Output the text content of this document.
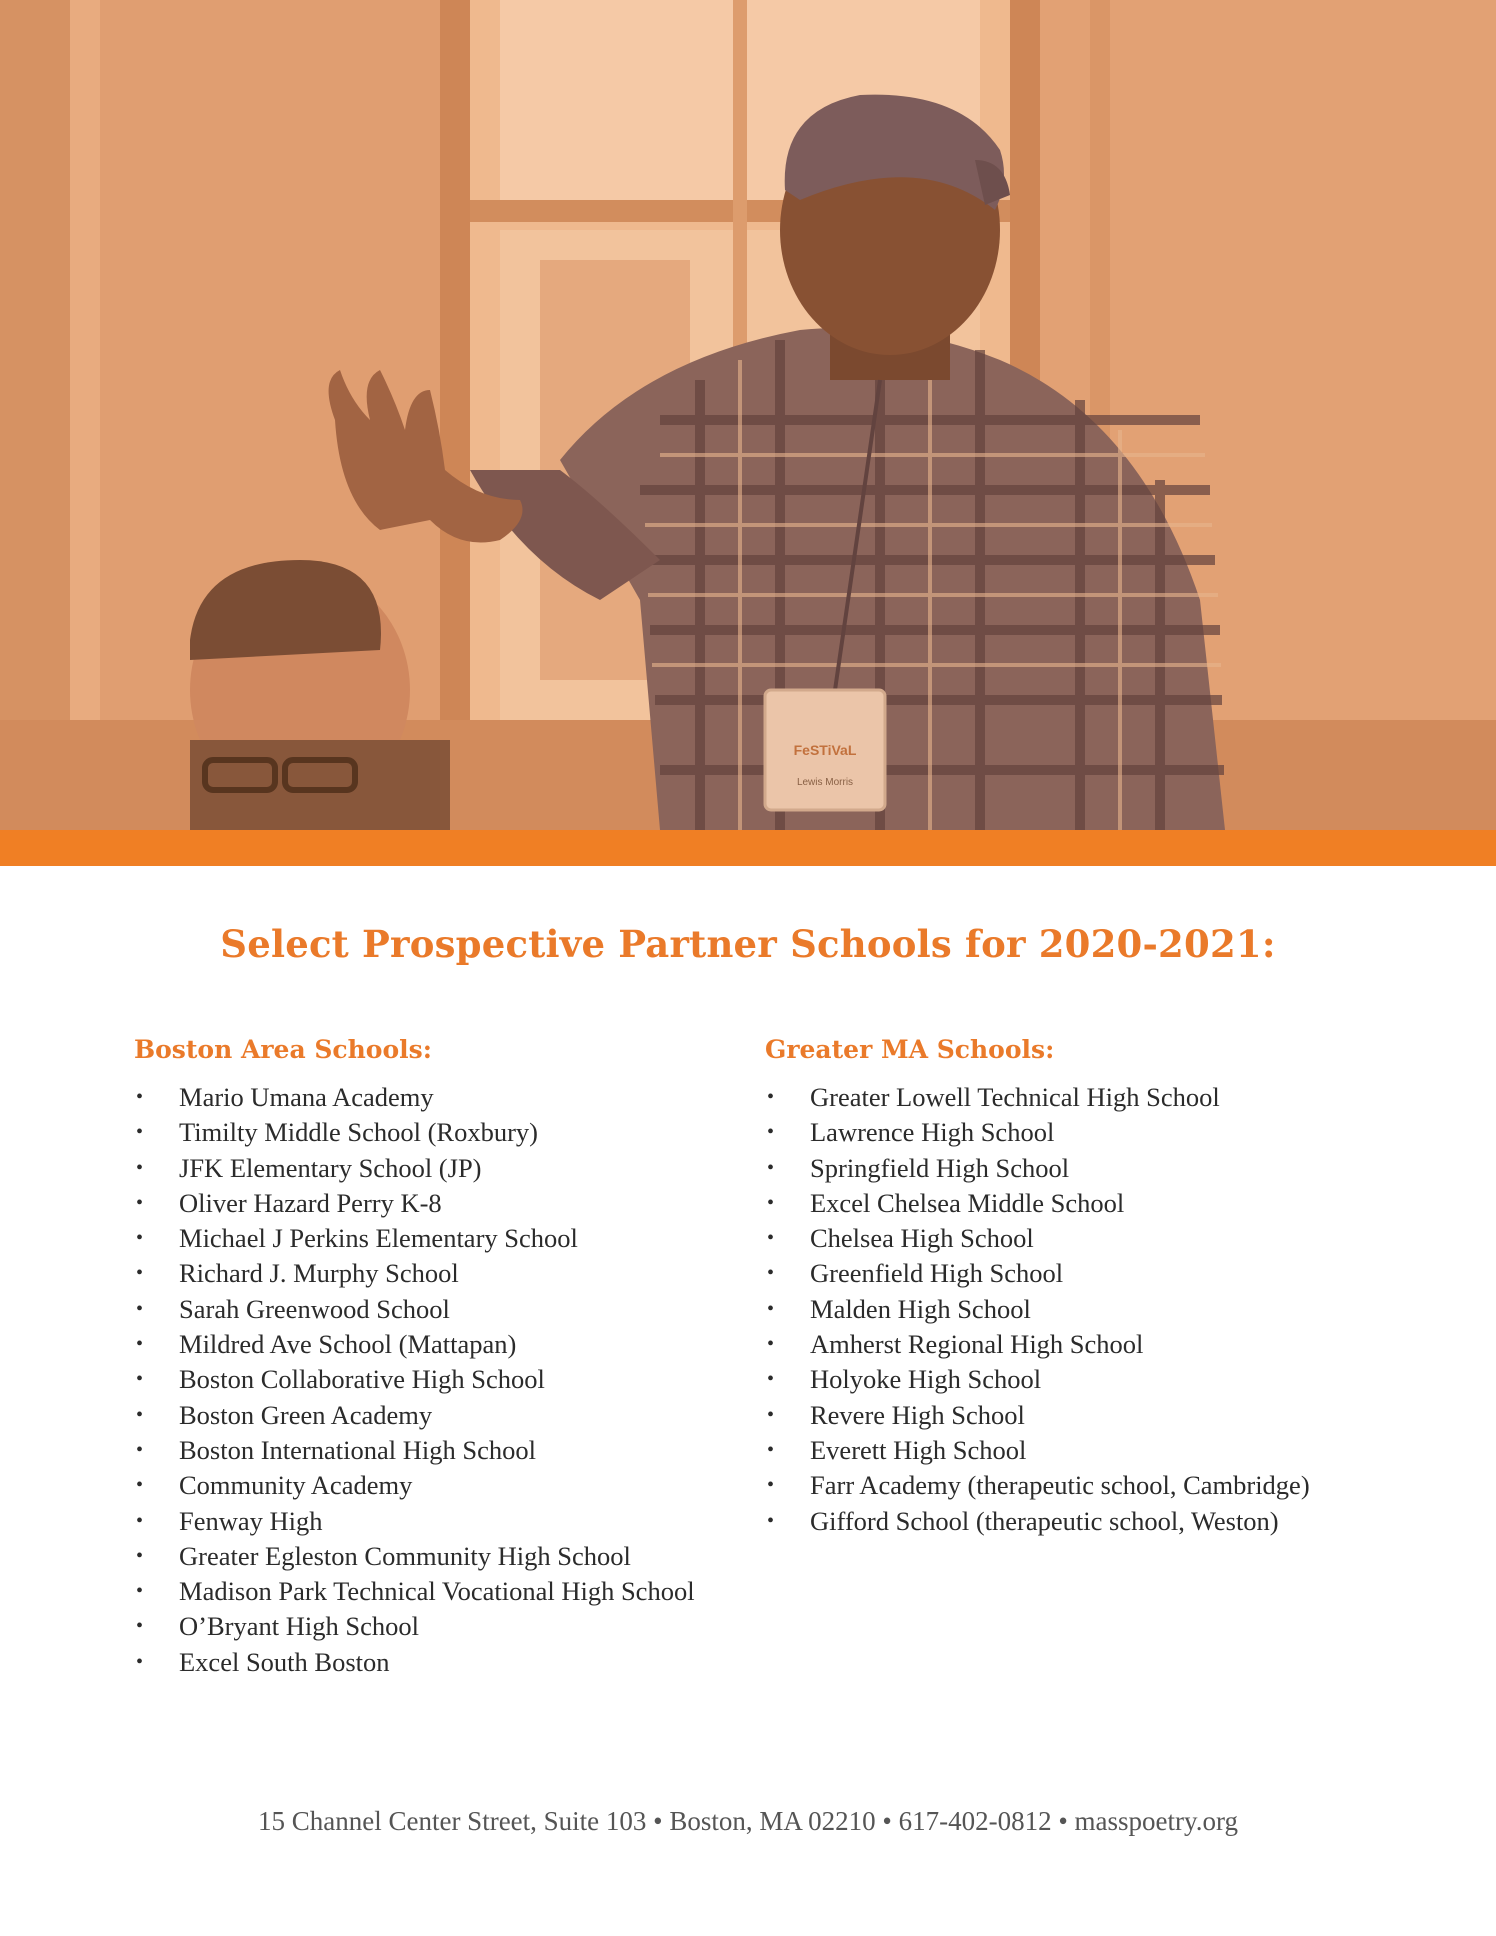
FeSTiVaL
Lewis Morris
Select Prospective Partner Schools for 2020-2021:
Boston Area Schools:
• Mario Umana Academy
• Timilty Middle School (Roxbury)
• JFK Elementary School (JP)
• Oliver Hazard Perry K-8
• Michael J Perkins Elementary School
• Richard J. Murphy School
• Sarah Greenwood School
• Mildred Ave School (Mattapan)
• Boston Collaborative High School
• Boston Green Academy
• Boston International High School
• Community Academy
• Fenway High
• Greater Egleston Community High School
• Madison Park Technical Vocational High School
• O’Bryant High School
• Excel South Boston
Greater MA Schools:
• Greater Lowell Technical High School
• Lawrence High School
• Springfield High School
• Excel Chelsea Middle School
• Chelsea High School
• Greenfield High School
• Malden High School
• Amherst Regional High School
• Holyoke High School
• Revere High School
• Everett High School
• Farr Academy (therapeutic school, Cambridge)
• Gifford School (therapeutic school, Weston)
15 Channel Center Street, Suite 103 • Boston, MA 02210 • 617-402-0812 • masspoetry.org
